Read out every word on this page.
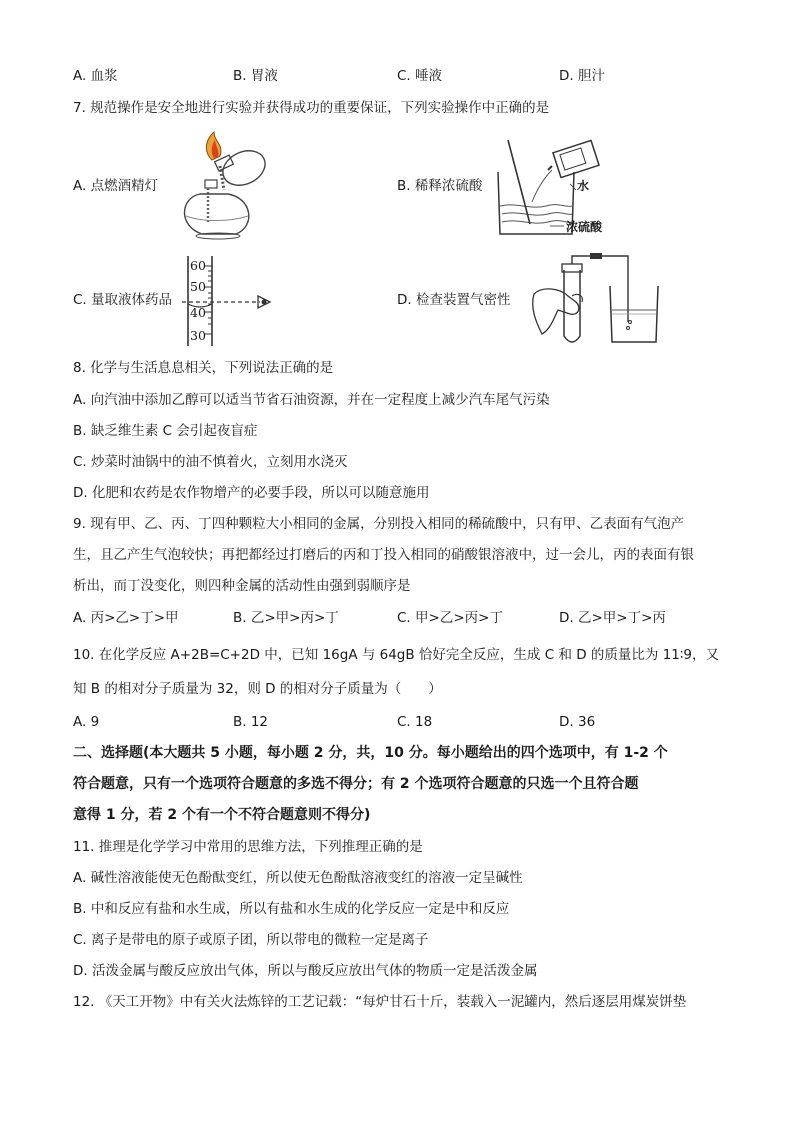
A. 血浆	B. 胃液	C. 唾液	D. 胆汁
7. 规范操作是安全地进行实验并获得成功的重要保证，下列实验操作中正确的是
A. 点燃酒精灯	B. 稀释浓硫酸	水
浓硫酸
C. 量取液体药品
60
50
40
30
D. 检查装置气密性
8. 化学与生活息息相关，下列说法正确的是
A. 向汽油中添加乙醇可以适当节省石油资源，并在一定程度上减少汽车尾气污染
B. 缺乏维生素 C 会引起夜盲症
C. 炒菜时油锅中的油不慎着火，立刻用水浇灭
D. 化肥和农药是农作物增产的必要手段，所以可以随意施用
9. 现有甲、乙、丙、丁四种颗粒大小相同的金属，分别投入相同的稀硫酸中，只有甲、乙表面有气泡产
生，且乙产生气泡较快；再把都经过打磨后的丙和丁投入相同的硝酸银溶液中，过一会儿，丙的表面有银
析出，而丁没变化，则四种金属的活动性由强到弱顺序是
A. 丙>乙>丁>甲	B. 乙>甲>丙>丁	C. 甲>乙>丙>丁	D. 乙>甲>丁>丙
10. 在化学反应 A+2B=C+2D 中，已知 16gA 与 64gB 恰好完全反应，生成 C 和 D 的质量比为 11∶9，又
知 B 的相对分子质量为 32，则 D 的相对分子质量为（　　）
A. 9	B. 12	C. 18	D. 36
二、选择题(本大题共 5 小题，每小题 2 分，共，10 分。每小题给出的四个选项中，有 1-2 个
符合题意，只有一个选项符合题意的多选不得分；有 2 个选项符合题意的只选一个且符合题
意得 1 分，若 2 个有一个不符合题意则不得分)
11. 推理是化学学习中常用的思维方法，下列推理正确的是
A. 碱性溶液能使无色酚酞变红，所以使无色酚酞溶液变红的溶液一定呈碱性
B. 中和反应有盐和水生成，所以有盐和水生成的化学反应一定是中和反应
C. 离子是带电的原子或原子团，所以带电的微粒一定是离子
D. 活泼金属与酸反应放出气体，所以与酸反应放出气体的物质一定是活泼金属
12. 《天工开物》中有关火法炼锌的工艺记载：“每炉甘石十斤，装载入一泥罐内，然后逐层用煤炭饼垫
